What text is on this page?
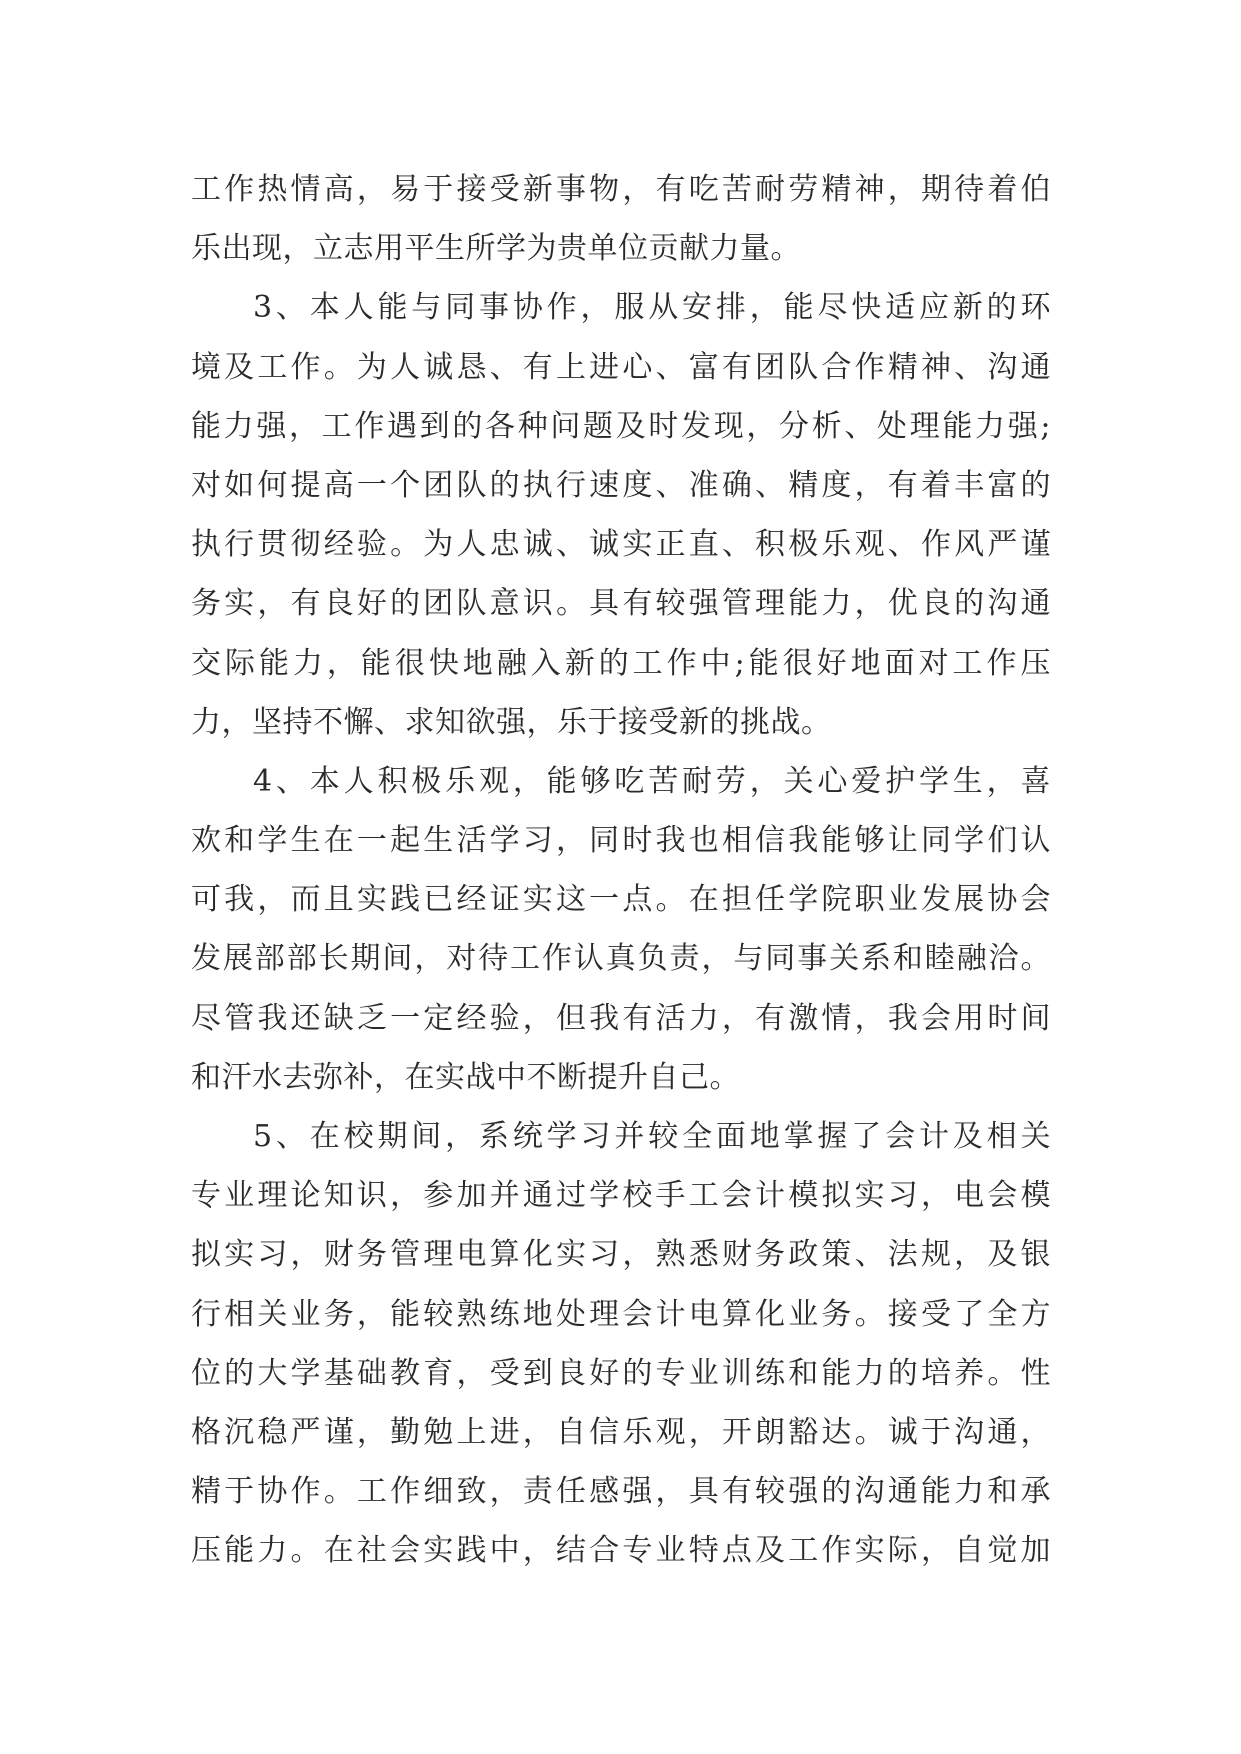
工作热情高，易于接受新事物，有吃苦耐劳精神，期待着伯
乐出现，立志用平生所学为贵单位贡献力量。
3、本人能与同事协作，服从安排，能尽快适应新的环
境及工作。为人诚恳、有上进心、富有团队合作精神、沟通
能力强，工作遇到的各种问题及时发现，分析、处理能力强;
对如何提高一个团队的执行速度、准确、精度，有着丰富的
执行贯彻经验。为人忠诚、诚实正直、积极乐观、作风严谨
务实，有良好的团队意识。具有较强管理能力，优良的沟通
交际能力，能很快地融入新的工作中;能很好地面对工作压
力，坚持不懈、求知欲强，乐于接受新的挑战。
4、本人积极乐观，能够吃苦耐劳，关心爱护学生，喜
欢和学生在一起生活学习，同时我也相信我能够让同学们认
可我，而且实践已经证实这一点。在担任学院职业发展协会
发展部部长期间，对待工作认真负责，与同事关系和睦融洽。
尽管我还缺乏一定经验，但我有活力，有激情，我会用时间
和汗水去弥补，在实战中不断提升自己。
5、在校期间，系统学习并较全面地掌握了会计及相关
专业理论知识，参加并通过学校手工会计模拟实习，电会模
拟实习，财务管理电算化实习，熟悉财务政策、法规，及银
行相关业务，能较熟练地处理会计电算化业务。接受了全方
位的大学基础教育，受到良好的专业训练和能力的培养。性
格沉稳严谨，勤勉上进，自信乐观，开朗豁达。诚于沟通，
精于协作。工作细致，责任感强，具有较强的沟通能力和承
压能力。在社会实践中，结合专业特点及工作实际，自觉加
